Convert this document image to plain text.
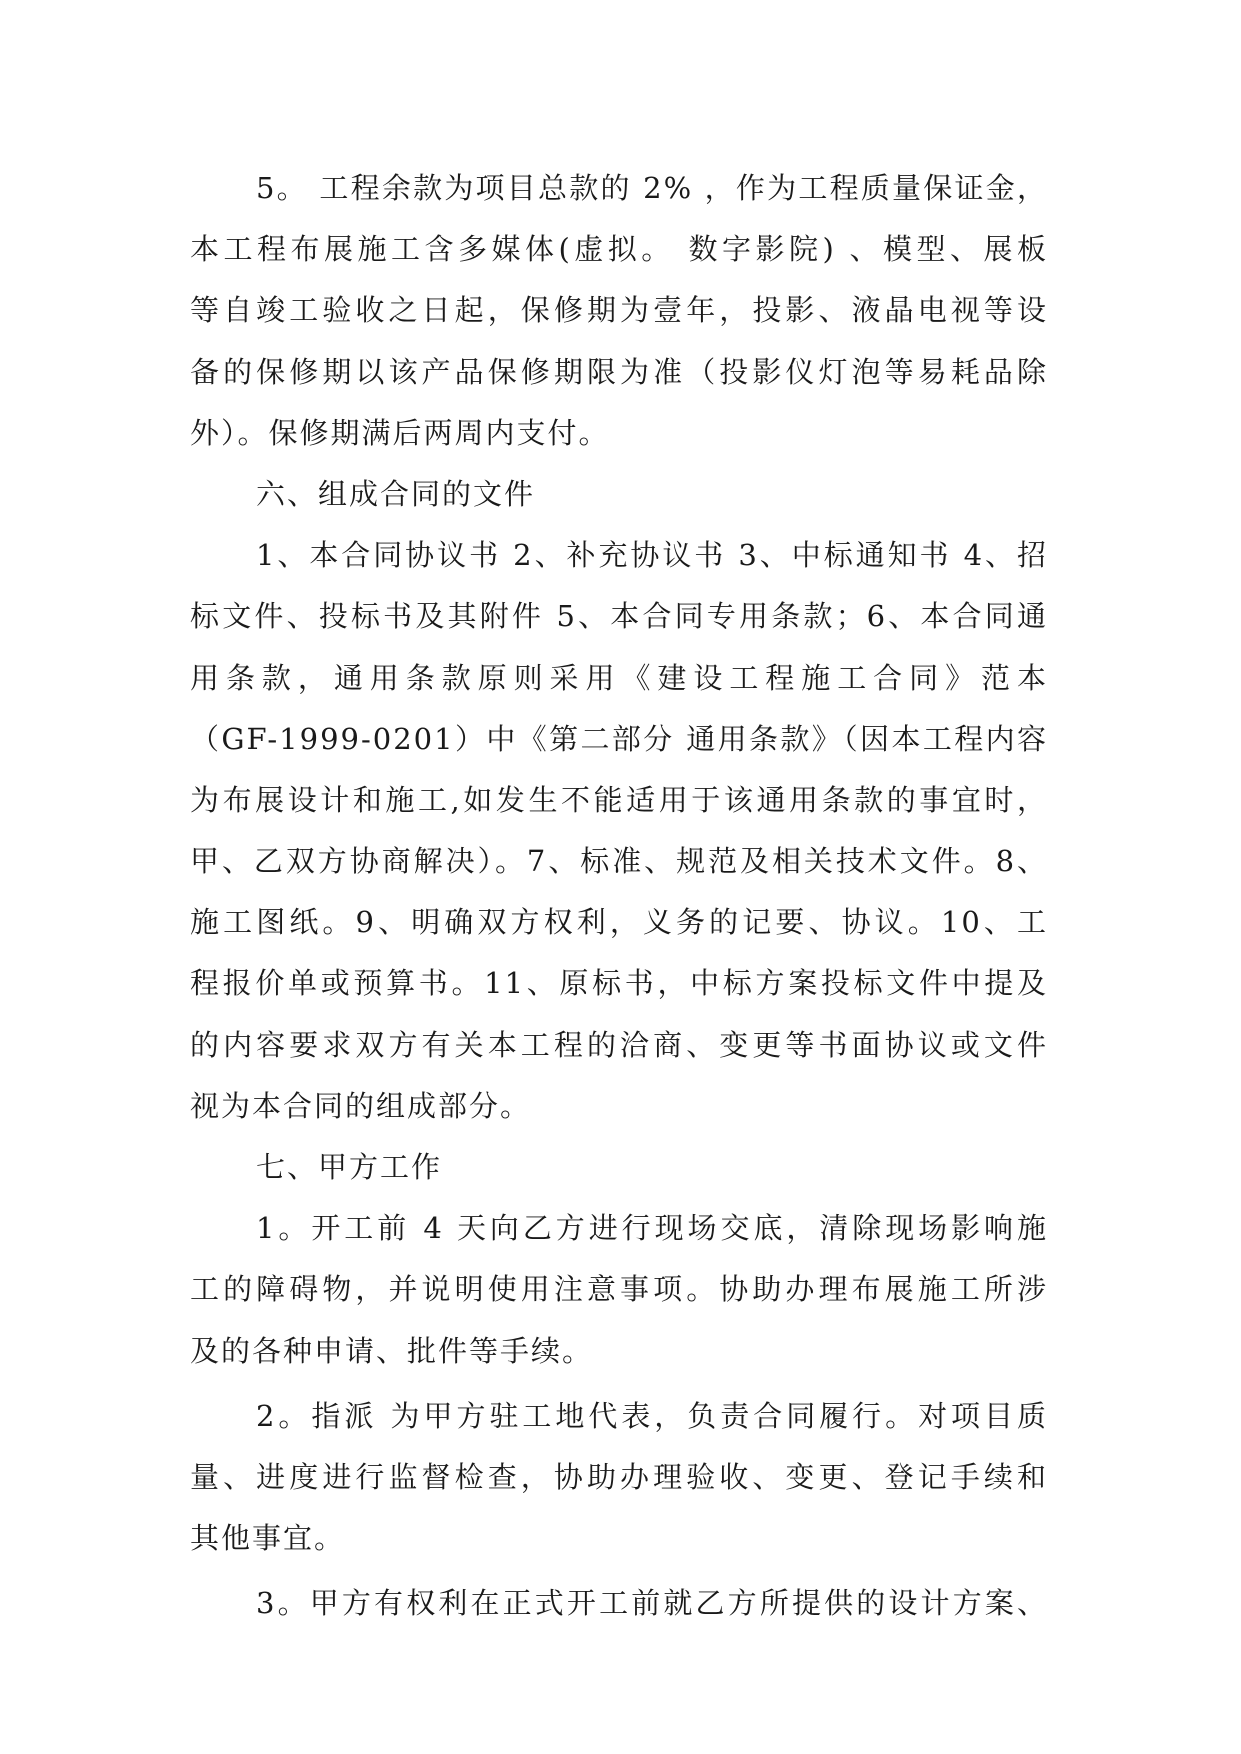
5。 工程余款为项目总款的 2% ，作为工程质量保证金，
本工程布展施工含多媒体(虚拟。 数字影院) 、模型、展板
等自竣工验收之日起，保修期为壹年，投影、液晶电视等设
备的保修期以该产品保修期限为准（投影仪灯泡等易耗品除
外）。保修期满后两周内支付。
六、组成合同的文件
1、本合同协议书 2、补充协议书 3、中标通知书 4、招
标文件、投标书及其附件 5、本合同专用条款；6、本合同通
用条款，通用条款原则采用《建设工程施工合同》范本
（GF-1999-0201）中《第二部分 通用条款》（因本工程内容
为布展设计和施工,如发生不能适用于该通用条款的事宜时，
甲、乙双方协商解决）。7、标准、规范及相关技术文件。8、
施工图纸。9、明确双方权利，义务的记要、协议。10、工
程报价单或预算书。11、原标书，中标方案投标文件中提及
的内容要求双方有关本工程的洽商、变更等书面协议或文件
视为本合同的组成部分。
七、甲方工作
1。开工前 4 天向乙方进行现场交底，清除现场影响施
工的障碍物，并说明使用注意事项。协助办理布展施工所涉
及的各种申请、批件等手续。
2。指派 为甲方驻工地代表，负责合同履行。对项目质
量、进度进行监督检查，协助办理验收、变更、登记手续和
其他事宜。
3。甲方有权利在正式开工前就乙方所提供的设计方案、
